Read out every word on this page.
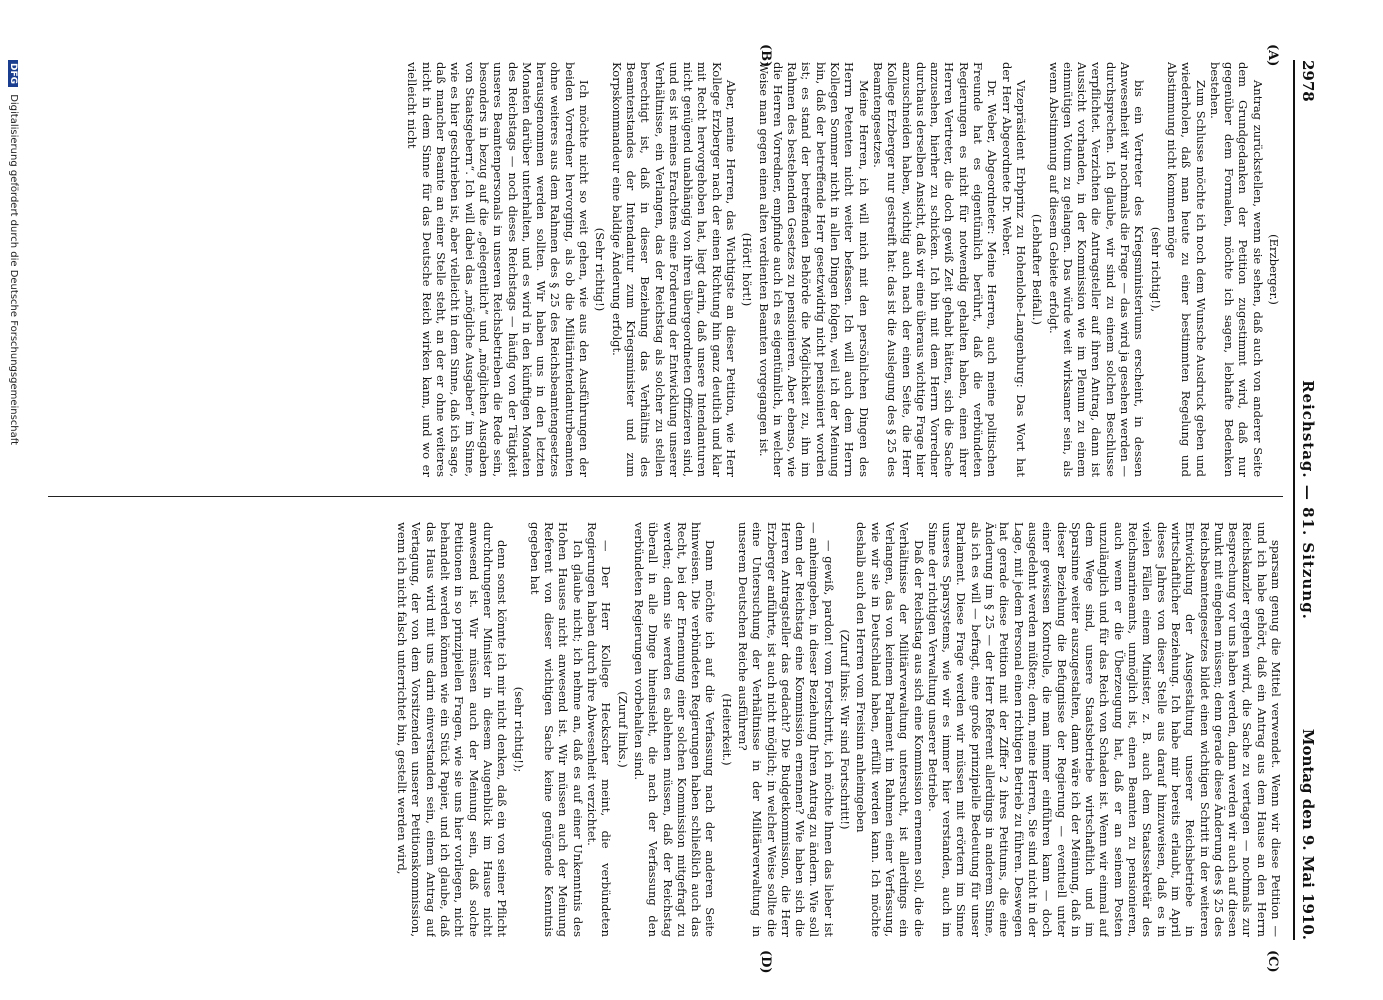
2978
Reichstag. — 81. Sitzung.
Montag den 9. Mai 1910.
(A)
(B)
(C)
(D)

(Erzberger.)

Antrag zurückstellen, wenn sie sehen, daß auch von anderer Seite dem Grundgedanken der Petition zugestimmt wird, daß nur gegenüber dem Formalen, möchte ich sagen, lebhafte Bedenken bestehen.

Zum Schlusse möchte ich noch dem Wunsche Ausdruck geben und wiederholen, daß man heute zu einer bestimmten Regelung und Abstimmung nicht kommen möge

(sehr richtig!),

bis ein Vertreter des Kriegsministeriums erscheint, in dessen Anwesenheit wir nochmals die Frage — das wird ja gesehen werden — durchsprechen. Ich glaube, wir sind zu einem solchen Beschlusse verpflichtet. Verzichten die Antragsteller auf ihren Antrag, dann ist Aussicht vorhanden, in der Kommission wie im Plenum zu einem einmütigen Votum zu gelangen. Das würde weit wirksamer sein, als wenn Abstimmung auf diesem Gebiete erfolgt.

(Lebhafter Beifall.)

Vizepräsident Erbprinz zu Hohenlohe-Langenburg: Das Wort hat der Herr Abgeordnete Dr. Weber.

Dr. Weber, Abgeordneter: Meine Herren, auch meine politischen Freunde hat es eigentümlich berührt, daß die verbündeten Regierungen es nicht für notwendig gehalten haben, einen ihrer Herren Vertreter, die doch gewiß Zeit gehabt hätten, sich die Sache anzusehen, hierher zu schicken. Ich bin mit dem Herrn Vorredner durchaus derselben Ansicht, daß wir eine überaus wichtige Frage hier anzuschneiden haben, wichtig auch nach der einen Seite, die Herr Kollege Erzberger nur gestreift hat: das ist die Auslegung des § 25 des Beamtengesetzes.

Meine Herren, ich will mich mit den persönlichen Dingen des Herrn Petenten nicht weiter befassen. Ich will auch dem Herrn Kollegen Sommer nicht in allen Dingen folgen, weil ich der Meinung bin, daß der betreffende Herr gesetzwidrig nicht pensioniert worden ist; es stand der betreffenden Behörde die Möglichkeit zu, ihn im Rahmen des bestehenden Gesetzes zu pensionieren. Aber ebenso, wie die Herren Vorredner, empfinde auch ich es eigentümlich, in welcher Weise man gegen einen alten verdienten Beamten vorgegangen ist.

(Hört! hört!)

Aber, meine Herren, das Wichtigste an dieser Petition, wie Herr Kollege Erzberger nach der einen Richtung hin ganz deutlich und klar mit Recht hervorgehoben hat, liegt darin, daß unsere Intendanturen nicht genügend unabhängig von ihren übergeordneten Offizieren sind, und es ist meines Erachtens eine Forderung der Entwicklung unserer Verhältnisse, ein Verlangen, das der Reichstag als solcher zu stellen berechtigt ist, daß in dieser Beziehung das Verhältnis des Beamtenstandes der Intendantur zum Kriegsminister und zum Korpskommandeur eine baldige Änderung erfolgt.

(Sehr richtig!)

Ich möchte nicht so weit gehen, wie aus den Ausführungen der beiden Vorredner hervorging, als ob die Militärintendanturbeamten ohne weiteres aus dem Rahmen des § 25 des Reichsbeamtengesetzes herausgenommen werden sollten. Wir haben uns in den letzten Monaten darüber unterhalten, und es wird in den künftigen Monaten des Reichstags — noch dieses Reichstags — häufig von der Tätigkeit unseres Beamtenpersonals in unseren Reichsbetrieben die Rede sein, besonders in bezug auf die „gelegentlich“ und „möglichen Ausgaben von Staatsgebern“. Ich will dabei das „mögliche Ausgaben“ im Sinne, wie es hier geschrieben ist, aber vielleicht in dem Sinne, daß ich sage, daß mancher Beamte an einer Stelle steht, an der er ohne weiteres nicht in dem Sinne für das Deutsche Reich wirken kann, und wo er vielleicht nicht

sparsam genug die Mittel verwendet. Wenn wir diese Petition — und ich habe gehört, daß ein Antrag aus dem Hause an den Herrn Reichskanzler ergehen wird, die Sache zu vertagen — nochmals zur Besprechung vor uns haben werden, dann werden wir auch auf diesen Punkt mit eingehen müssen; denn gerade diese Änderung des § 25 des Reichsbeamtengesetzes bildet einen wichtigen Schritt in der weiteren Entwicklung der Ausgestaltung unserer Reichsbetriebe in wirtschaftlicher Beziehung. Ich habe mir bereits erlaubt, im April dieses Jahres von dieser Stelle aus darauf hinzuweisen, daß es in vielen Fällen einem Minister, z. B. auch dem Staatssekretär des Reichsmarineamts, unmöglich ist, einen Beamten zu pensionieren, auch wenn er die Überzeugung hat, daß er an seinem Posten unzulänglich und für das Reich von Schaden ist. Wenn wir einmal auf dem Wege sind, unsere Staatsbetriebe wirtschaftlich und im Sparsinne weiter auszugestalten, dann wäre ich der Meinung, daß in dieser Beziehung die Befugnisse der Regierung — eventuell unter einer gewissen Kontrolle, die man immer einführen kann — doch ausgedehnt werden müßten; denn, meine Herren, Sie sind nicht in der Lage, mit jedem Personal einen richtigen Betrieb zu führen. Deswegen hat gerade diese Petition mit der Ziffer 2 ihres Petitums, die eine Änderung im § 25 — der Herr Referent allerdings in anderem Sinne, als ich es will — befragt, eine große prinzipielle Bedeutung für unser Parlament. Diese Frage werden wir müssen mit erörtern im Sinne unseres Sparsystems, wie wir es immer hier verstanden, auch im Sinne der richtigen Verwaltung unserer Betriebe.

Daß der Reichstag aus sich eine Kommission ernennen soll, die die Verhältnisse der Militärverwaltung untersucht, ist allerdings ein Verlangen, das von keinem Parlament im Rahmen einer Verfassung, wie wir sie in Deutschland haben, erfüllt werden kann. Ich möchte deshalb auch den Herren vom Freisinn anheimgeben

(Zuruf links: Wir sind Fortschritt!)

— gewiß, pardon! vom Fortschritt, ich möchte Ihnen das lieber ist — anheimgeben, in dieser Beziehung Ihren Antrag zu ändern. Wie soll denn der Reichstag eine Kommission ernennen? Wie haben sich die Herren Antragsteller das gedacht? Die Budgetkommission, die Herr Erzberger anführte, ist auch nicht möglich; in welcher Weise sollte die eine Untersuchung der Verhältnisse in der Militärverwaltung in unserem Deutschen Reiche ausführen?

(Heiterkeit.)

Dann möchte ich auf die Verfassung nach der anderen Seite hinweisen. Die verbündeten Regierungen haben schließlich auch das Recht, bei der Ernennung einer solchen Kommission mitgefragt zu werden; denn sie werden es ablehnen müssen, daß der Reichstag überall in alle Dinge hineinsieht, die nach der Verfassung den verbündeten Regierungen vorbehalten sind.

(Zuruf links.)

— Der Herr Kollege Heckscher meint, die verbündeten Regierungen haben durch ihre Abwesenheit verzichtet.

Ich glaube nicht; ich nehme an, daß es auf einer Unkenntnis des Hohen Hauses nicht anwesend ist. Wir müssen auch der Meinung Referent von dieser wichtigen Sache keine genügende Kenntnis gegeben hat

(sehr richtig!);

denn sonst könnte ich mir nicht denken, daß ein von seiner Pflicht durchdrungener Minister in diesem Augenblick im Hause nicht anwesend ist. Wir müssen auch der Meinung sein, daß solche Petitionen in so prinzipiellen Fragen, wie sie uns hier vorliegen, nicht behandelt werden können wie ein Stück Papier, und ich glaube, daß das Haus wird mit uns darin einverstanden sein, einem Antrag auf Vertagung, der von dem Vorsitzenden unserer Petitionskommission, wenn ich nicht falsch unterrichtet bin, gestellt werden wird,

DFG Digitalisierung gefördert durch die Deutsche Forschungsgemeinschaft
